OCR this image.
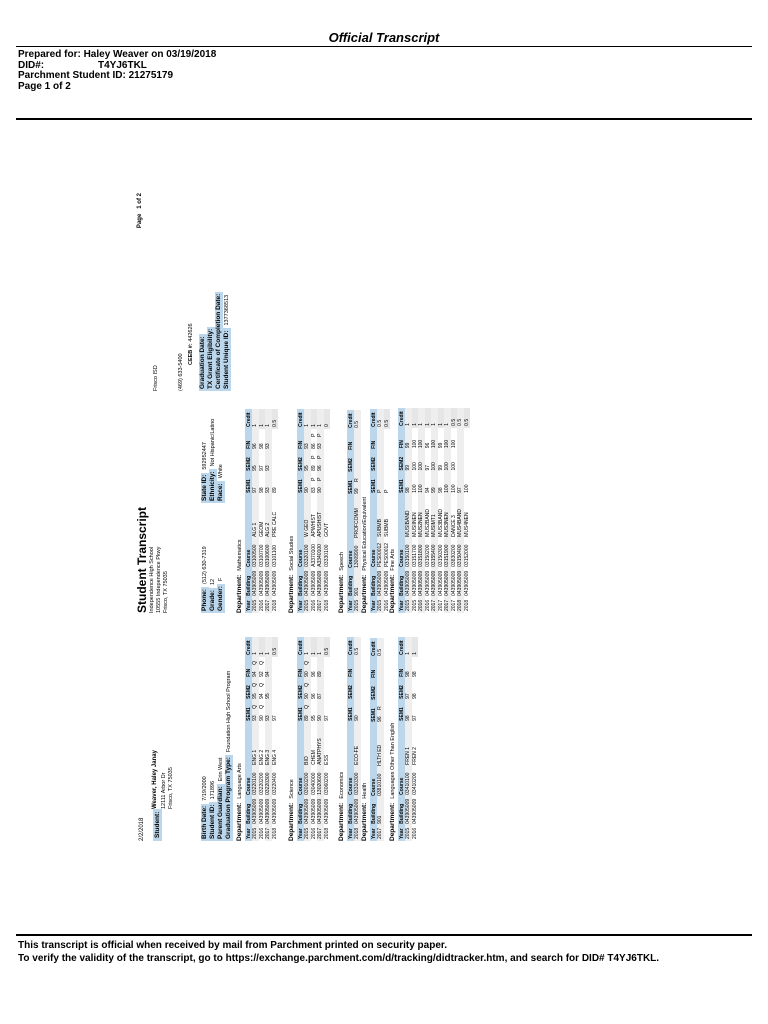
Official Transcript
Prepared for: Haley Weaver on 03/19/2018
DID#:	T4YJ6TKL
Parchment Student ID: 21275179
Page 1 of 2
2/2/2018
Page   1 of 2
Student Transcript Independence High School 10555 Independence Pkwy Frisco, TX 75035
Frisco ISD	(469) 633-5400 CEEB #: 442626
Student:
Weaver, Haley Janay 12111 Arbor Dr Frisco, TX 75035
Birth Date:7/19/2000
Student ID:171896 Parent Guardian:Erin West Graduation Program Type:Foundation High School Program
Phone:(512) 630-7319
Grade:12
Gender:F
State ID:592952447
Ethnicity:Not Hispanic/Latino
Race:White
Graduation Date: TX Grant Eligibility: Certificate of Completion Date: Student Unique ID:1377368513
Department:Language Arts
Year	Building	Course		SEM1		SEM2		FIN		Credit
2015	043905009	03220100	ENG 1	93	Q	95	Q	94	Q	1
2016	043905009	03220200	ENG 2	90	Q	94	Q	92	Q	1
2017	043905009	03220300	ENG 3	93		95		94		1
2018	043905009	03220400	ENG 4	97						0.5
Department:Science
Year	Building	Course		SEM1		SEM2		FIN		Credit
2015	043905009	03010200	BIO	89	Q	90	Q	90	Q	1
2016	043905009	03040000	CHEM	95		96		96		1
2017	043905009	13020600	ANATPHYS	90		87		89		1
2018	043905009	03060200	ESS	97						0.5
Department:Economics
Year	Building	Course		SEM1		SEM2		FIN		Credit
2018	043905009	03310300	ECO-FE	90						0.5
Department:Health
Year	Building	Course		SEM1		SEM2		FIN		Credit
2017	901	03810100	HLTH ED	96	R					0.5
Department:Languages Other Than English
Year	Building	Course		SEM1		SEM2		FIN		Credit
2015	043905009	03410100	FREN 1	98		97		98		1
2016	043905009	03410200	FREN 2	97		98		98		1
Department:Mathematics
Year	Building	Course		SEM1		SEM2		FIN		Credit
2015	043905009	03100500	ALG 1	97		95		96		1
2016	043905009	03100700	GEOM	98		97		98		1
2017	043905009	03100600	ALG 2	93		93		93		1
2018	043905009	03101100	PRE CALC	89						0.5
Department:Social Studies
Year	Building	Course		SEM1		SEM2		FIN		Credit
2015	043905009	03320100	W GEO	90		95		93		1
2016	043905009	A3370100	APWHIST	83	P	89	P	86	P	1
2017	043905009	A3340100	APUSHIST	90	P	96	P	93	P	1
2018	043905009	03330100	GOVT							0
Department:Speech
Year	Building	Course		SEM1		SEM2		FIN		Credit
2015	901	13009900	PROFCOMM	99	R					0.5
Department:Physical Education/Equivalent
Year	Building	Course		SEM1		SEM2		FIN		Credit
2015	043905009	PES00012	SUBMB	P						0.5
2016	043905009	PES00012	SUBMB	P						0.5
Department:Fine Arts
Year	Building	Course		SEM1		SEM2		FIN		Credit
2015	043905009	03150100	MUSIBAND	98		99		99		1
2015	043905009	03151700	MUSIINEN	100		100		100		1
2016	043905009	03151800	MUS2NEN	100		100		100		1
2016	043905009	03150200	MUS2BAND	94		97		96		1
2017	043905009	03155400	MUSIMT1	99		100		100		1
2017	043905009	03150300	MUS3BAND	98		99		99		1
2017	043905009	03151900	MUS3NEN	100		100		100		1
2017	043905009	03830200	DANCE 3	100		100		100		0.5
2018	043905009	03150400	MUS4BAND	97						0.5
2018	043905009	03152000	MUS4NEN	100						0.5
This transcript is official when received by mail from Parchment printed on security paper.
To verify the validity of the transcript, go to https://exchange.parchment.com/d/tracking/didtracker.htm, and search for DID# T4YJ6TKL.
